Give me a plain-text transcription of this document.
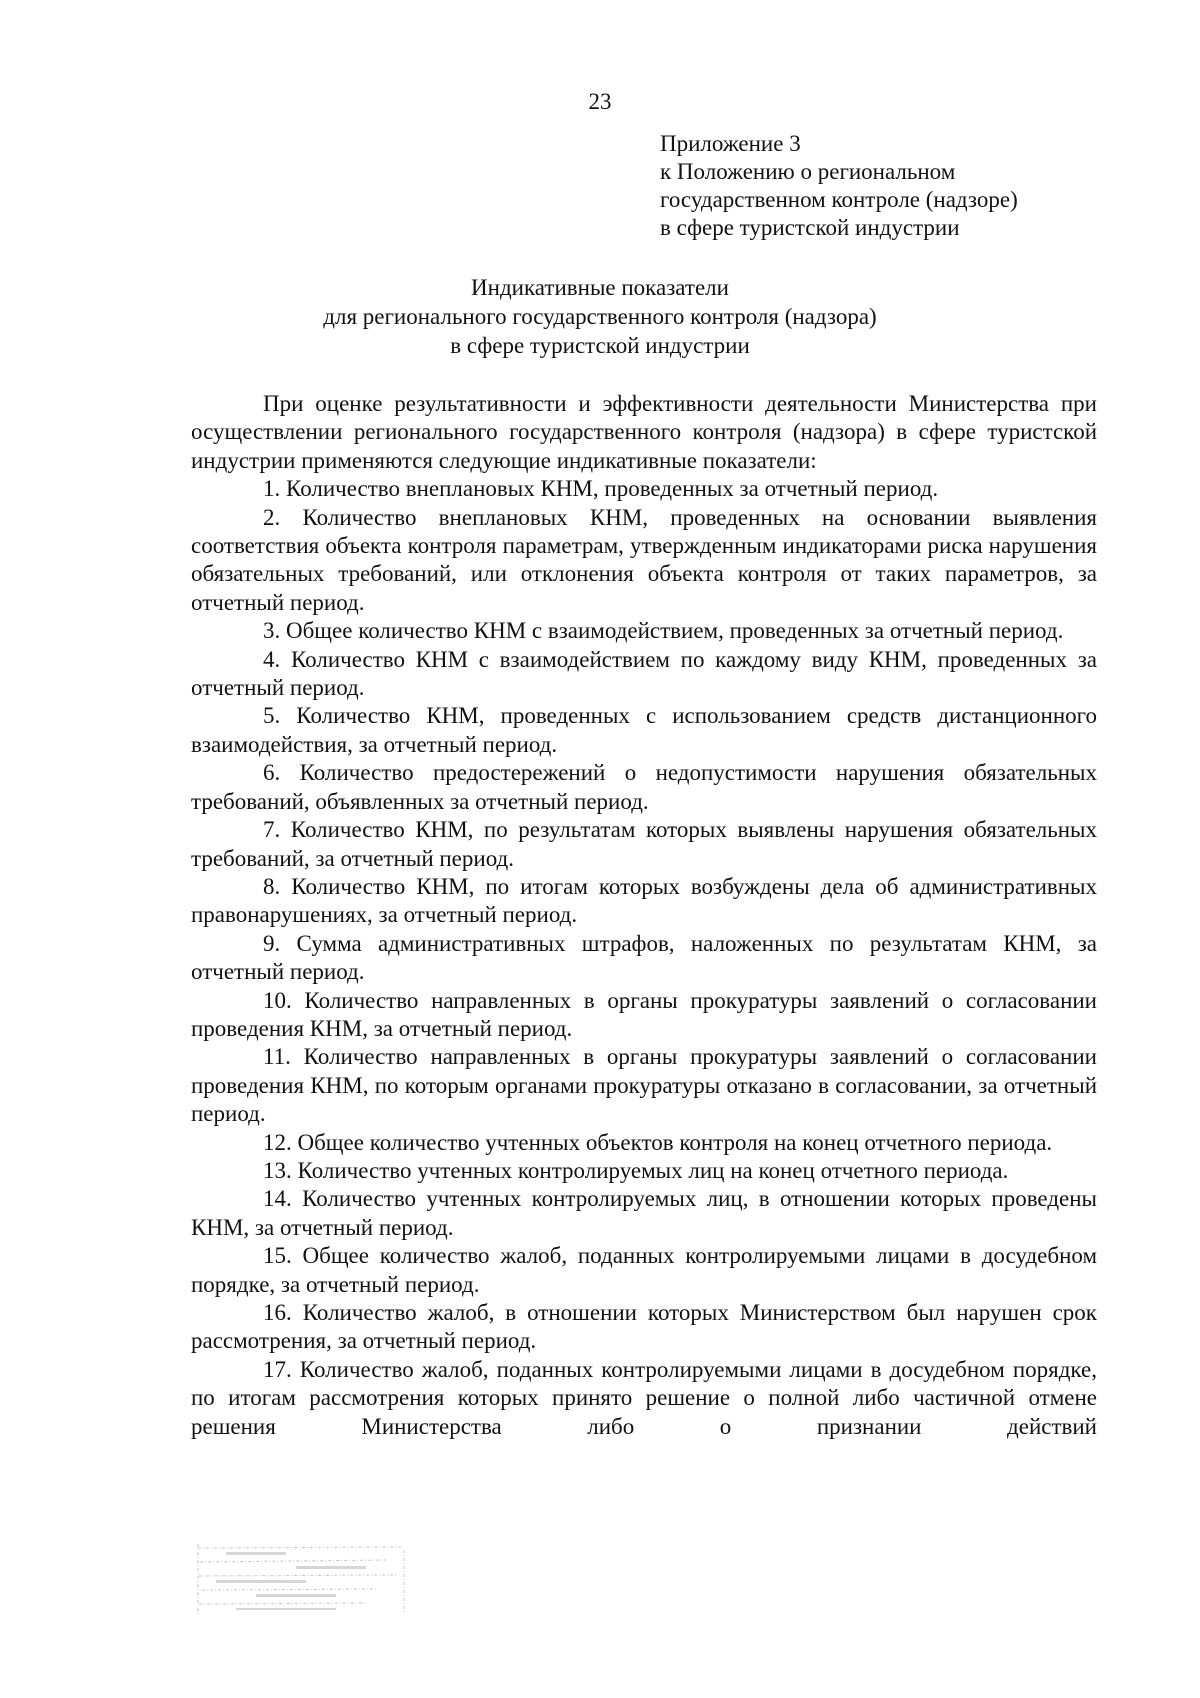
23
Приложение 3
к Положению о региональном
государственном контроле (надзоре)
в сфере туристской индустрии
Индикативные показатели
для регионального государственного контроля (надзора)
в сфере туристской индустрии

При оценке результативности и эффективности деятельности Министерства при осуществлении регионального государственного контроля (надзора) в сфере туристской индустрии применяются следующие индикативные показатели:

1. Количество внеплановых КНМ, проведенных за отчетный период.

2. Количество внеплановых КНМ, проведенных на основании выявления соответствия объекта контроля параметрам, утвержденным индикаторами риска нарушения обязательных требований, или отклонения объекта контроля от таких параметров, за отчетный период.

3. Общее количество КНМ с взаимодействием, проведенных за отчетный период.

4. Количество КНМ с взаимодействием по каждому виду КНМ, проведенных за отчетный период.

5. Количество КНМ, проведенных с использованием средств дистанционного взаимодействия, за отчетный период.

6. Количество предостережений о недопустимости нарушения обязательных требований, объявленных за отчетный период.

7. Количество КНМ, по результатам которых выявлены нарушения обязательных требований, за отчетный период.

8. Количество КНМ, по итогам которых возбуждены дела об административных правонарушениях, за отчетный период.

9. Сумма административных штрафов, наложенных по результатам КНМ, за отчетный период.

10. Количество направленных в органы прокуратуры заявлений о согласовании проведения КНМ, за отчетный период.

11. Количество направленных в органы прокуратуры заявлений о согласовании проведения КНМ, по которым органами прокуратуры отказано в согласовании, за отчетный период.

12. Общее количество учтенных объектов контроля на конец отчетного периода.

13. Количество учтенных контролируемых лиц на конец отчетного периода.

14. Количество учтенных контролируемых лиц, в отношении которых проведены КНМ, за отчетный период.

15. Общее количество жалоб, поданных контролируемыми лицами в досудебном порядке, за отчетный период.

16. Количество жалоб, в отношении которых Министерством был нарушен срок рассмотрения, за отчетный период.

17. Количество жалоб, поданных контролируемыми лицами в досудебном порядке, по итогам рассмотрения которых принято решение о полной либо частичной отмене решения Министерства либо о признании действий
